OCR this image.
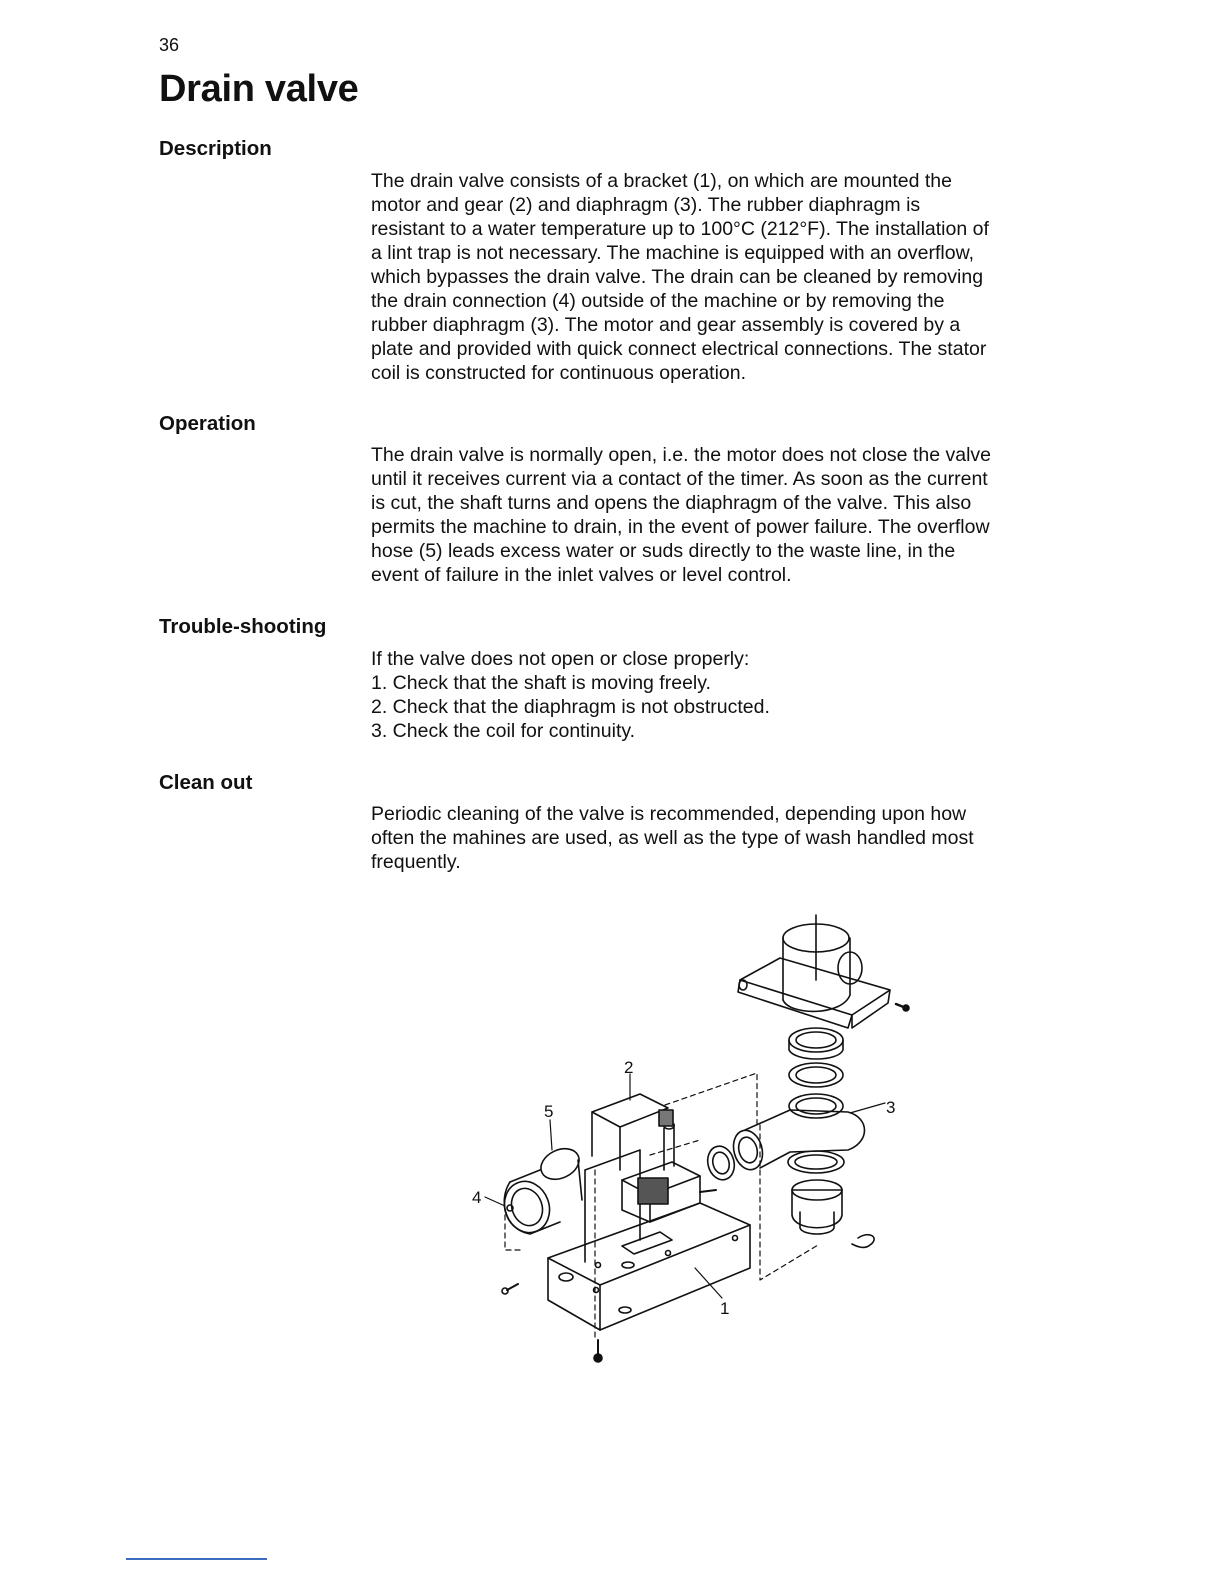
36
Drain valve
Description

The drain valve consists of a bracket (1), on which are mounted the
motor and gear (2) and diaphragm (3). The rubber diaphragm is
resistant to a water temperature up to 100°C (212°F). The installation of
a lint trap is not necessary. The machine is equipped with an overflow,
which bypasses the drain valve. The drain can be cleaned by removing
the drain connection (4) outside of the machine or by removing the
rubber diaphragm (3). The motor and gear assembly is covered by a
plate and provided with quick connect electrical connections. The stator
coil is constructed for continuous operation.

Operation

The drain valve is normally open, i.e. the motor does not close the valve
until it receives current via a contact of the timer. As soon as the current
is cut, the shaft turns and opens the diaphragm of the valve. This also
permits the machine to drain, in the event of power failure. The overflow
hose (5) leads excess water or suds directly to the waste line, in the
event of failure in the inlet valves or level control.

Trouble-shooting

If the valve does not open or close properly:
1. Check that the shaft is moving freely.
2. Check that the diaphragm is not obstructed.
3. Check the coil for continuity.

Clean out

Periodic cleaning of the valve is recommended, depending upon how
often the mahines are used, as well as the type of wash handled most
frequently.

2
5	3
4
1
